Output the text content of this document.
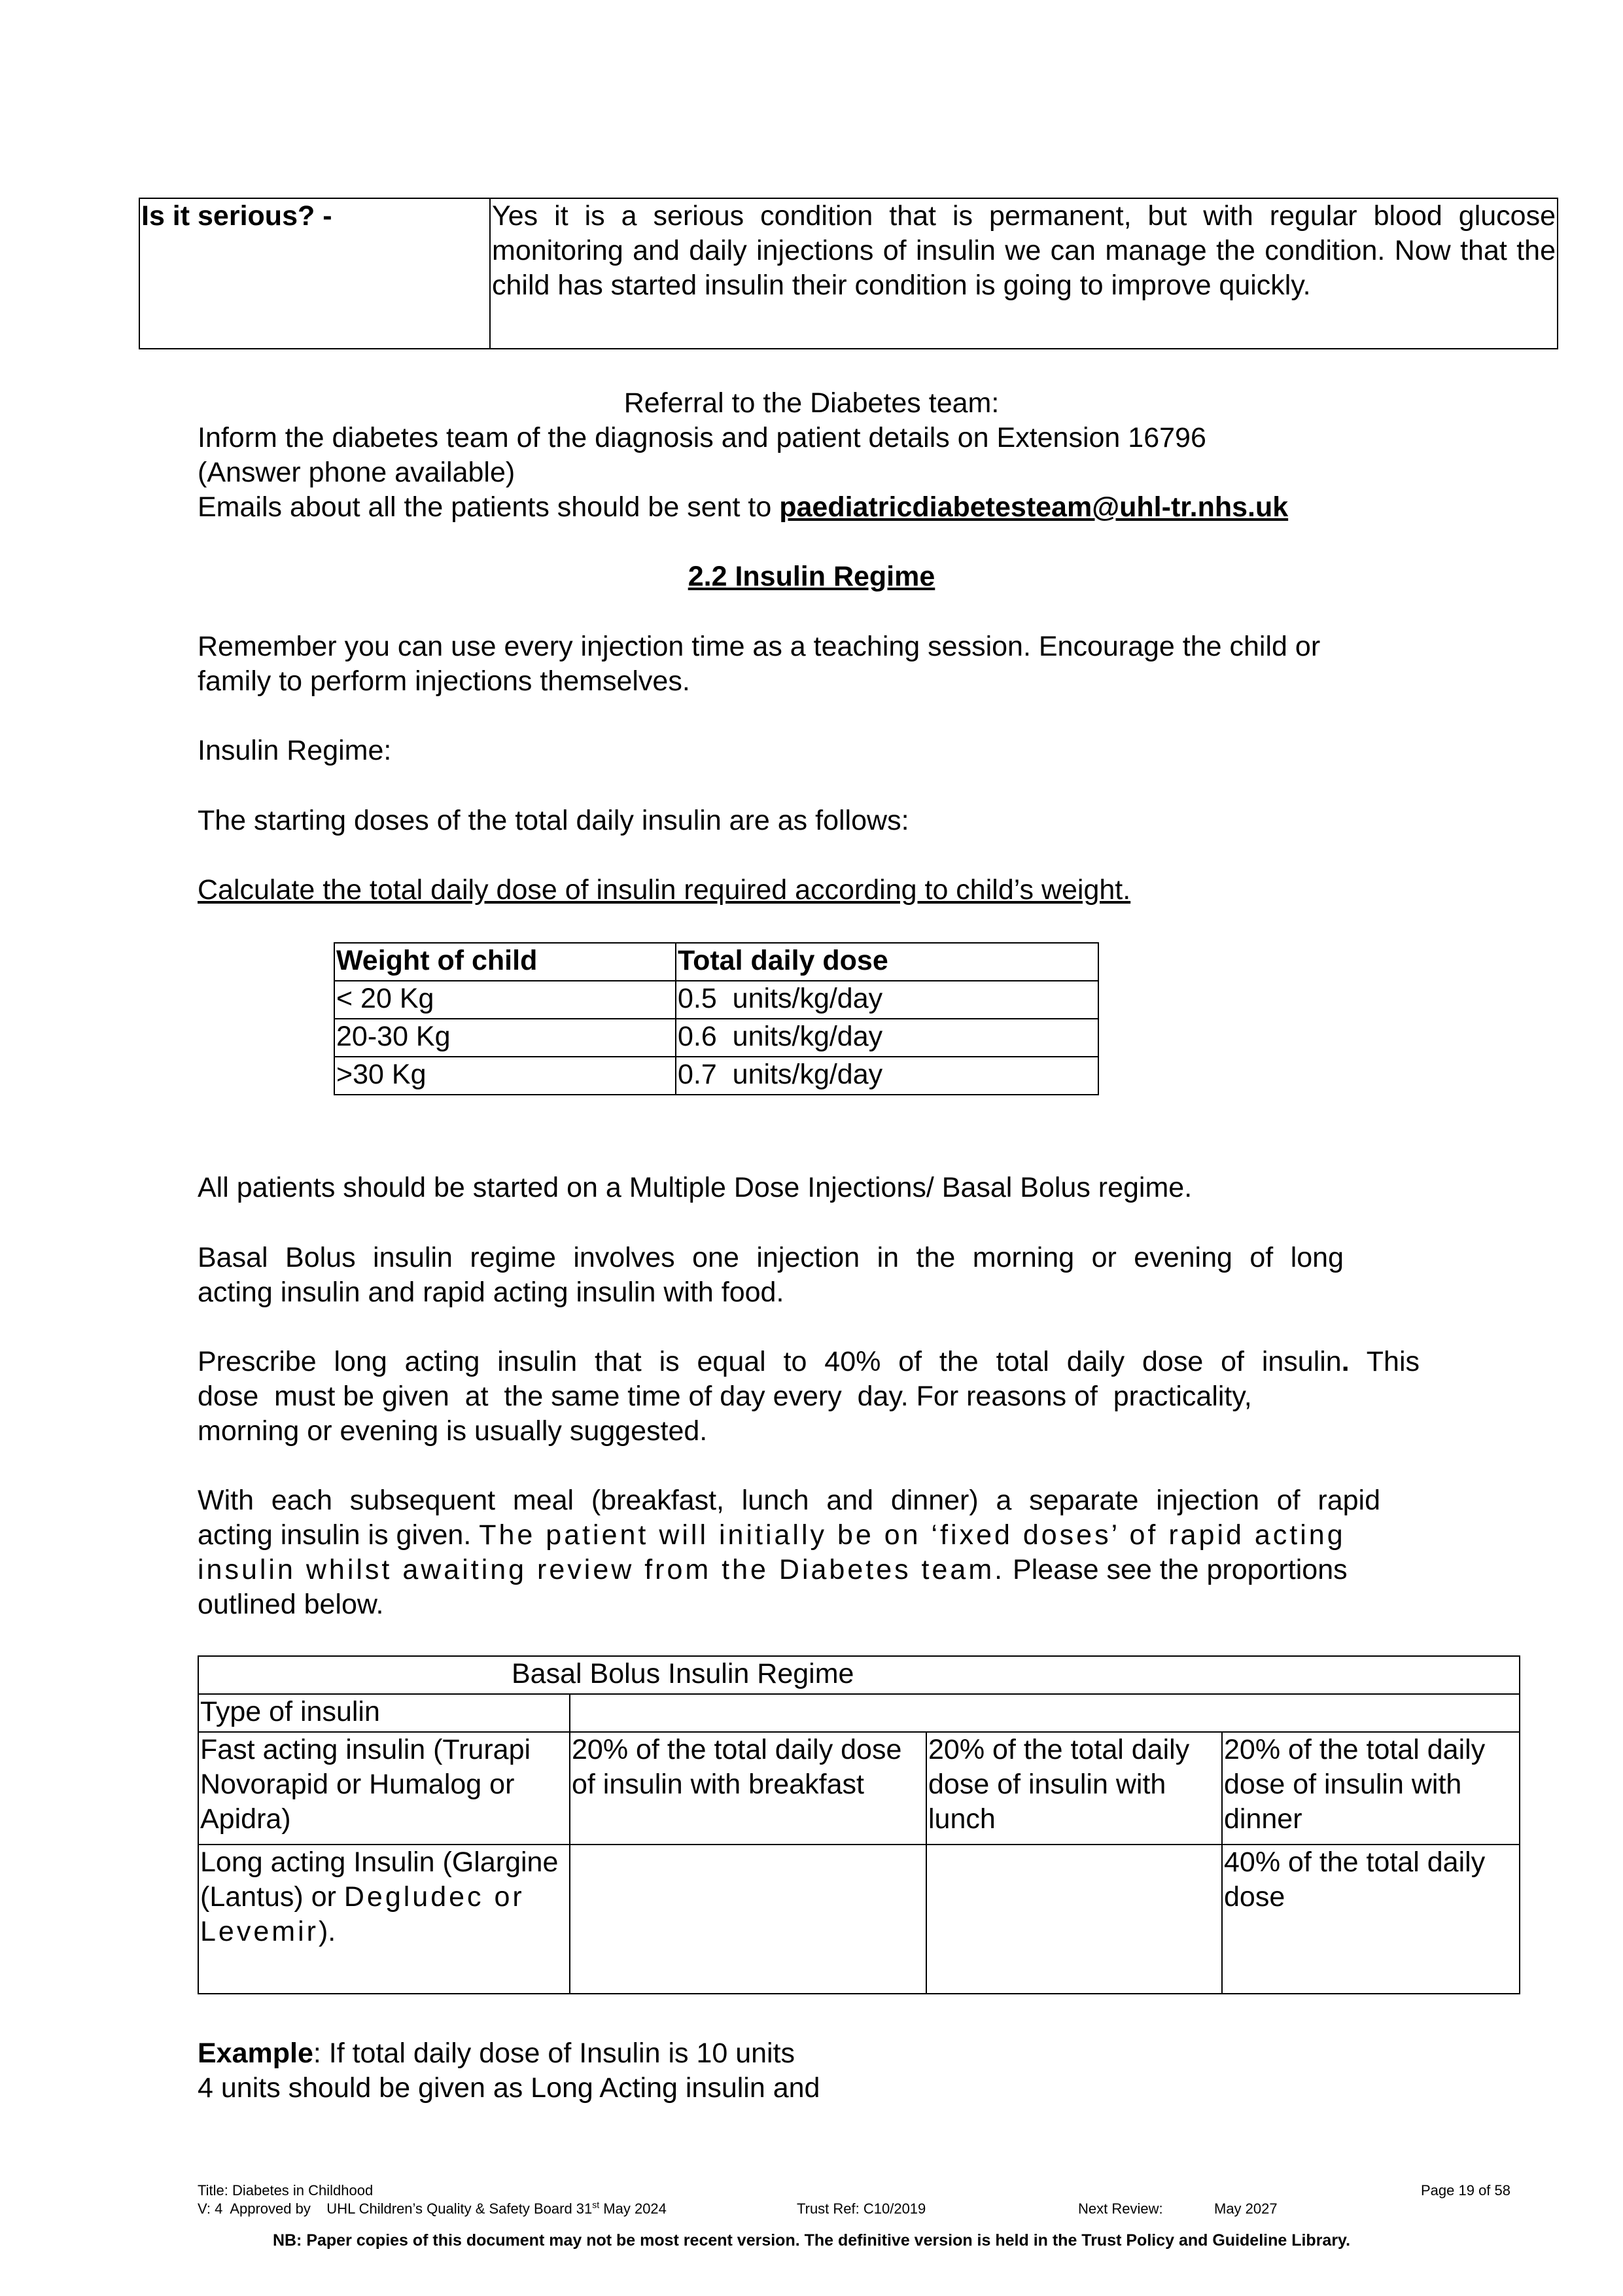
Is it serious? -	Yes it is a serious condition that is permanent, but with regular blood glucose monitoring and daily injections of insulin we can manage the condition. Now that the child has started insulin their condition is going to improve quickly.
Referral to the Diabetes team:
Inform the diabetes team of the diagnosis and patient details on Extension 16796
(Answer phone available)
Emails about all the patients should be sent to paediatricdiabetesteam@uhl-tr.nhs.uk
2.2 Insulin Regime
Remember you can use every injection time as a teaching session. Encourage the child or
family to perform injections themselves.
Insulin Regime:
The starting doses of the total daily insulin are as follows:
Calculate the total daily dose of insulin required according to child’s weight.
Weight of child	Total daily dose
< 20 Kg	0.5  units/kg/day
20-30 Kg	0.6  units/kg/day
>30 Kg	0.7  units/kg/day
All patients should be started on a Multiple Dose Injections/ Basal Bolus regime.
Basal Bolus insulin regime involves one injection in the morning or evening of long
acting insulin and rapid acting insulin with food.
Prescribe long acting insulin that is equal to 40% of the total daily dose of insulin. This
dose  must be given  at  the same time of day every  day. For reasons of  practicality,
morning or evening is usually suggested.
With each subsequent meal (breakfast, lunch and dinner) a separate injection of rapid
acting insulin is given. The patient will initially be on ‘fixed doses’ of rapid acting
insulin whilst awaiting review from the Diabetes team. Please see the proportions
outlined below.
Basal Bolus Insulin Regime			
Type of insulin			
Fast acting insulin (Trurapi Novorapid or Humalog or Apidra)	20% of the total daily dose of insulin with breakfast	20% of the total daily dose of insulin with lunch	20% of the total daily dose of insulin with dinner
Long acting Insulin (Glargine (Lantus) or Degludec or Levemir).			40% of the total daily dose
Example: If total daily dose of Insulin is 10 units
4 units should be given as Long Acting insulin and
Title: Diabetes in Childhood	Page 19 of 58
V: 4  Approved by    UHL Children’s Quality & Safety Board 31st May 2024	Trust Ref: C10/2019	Next Review:	May 2027
NB: Paper copies of this document may not be most recent version. The definitive version is held in the Trust Policy and Guideline Library.
